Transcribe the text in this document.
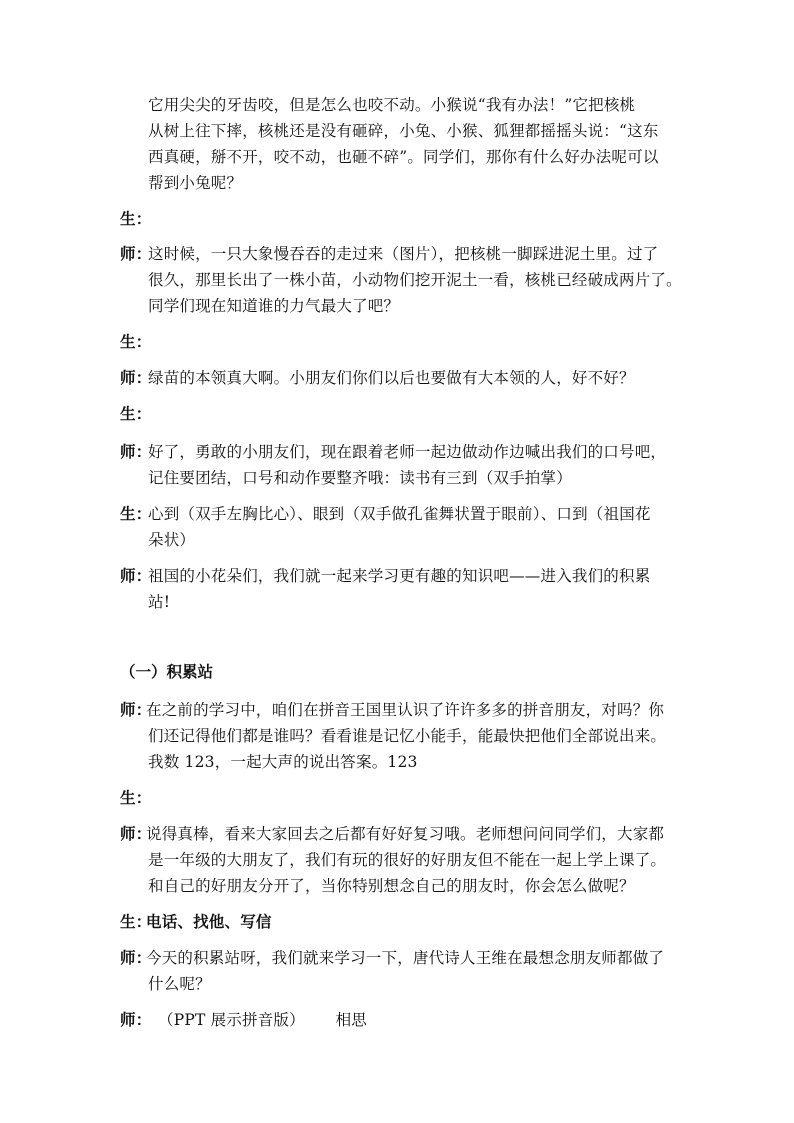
它用尖尖的牙齿咬，但是怎么也咬不动。小猴说“我有办法！”它把核桃
从树上往下摔，核桃还是没有砸碎，小兔、小猴、狐狸都摇摇头说：“这东
西真硬，掰不开，咬不动，也砸不碎”。同学们，那你有什么好办法呢可以
帮到小兔呢？
生：
师：
这时候，一只大象慢吞吞的走过来（图片），把核桃一脚踩进泥土里。过了
很久，那里长出了一株小苗，小动物们挖开泥土一看，核桃已经破成两片了。
同学们现在知道谁的力气最大了吧？
生：
师：
绿苗的本领真大啊。小朋友们你们以后也要做有大本领的人，好不好？
生：
师：
好了，勇敢的小朋友们，现在跟着老师一起边做动作边喊出我们的口号吧，
记住要团结，口号和动作要整齐哦：读书有三到（双手拍掌）
生：
心到（双手左胸比心）、眼到（双手做孔雀舞状置于眼前）、口到（祖国花
朵状）
师：
祖国的小花朵们，我们就一起来学习更有趣的知识吧——进入我们的积累
站!
（一）积累站
师：
在之前的学习中，咱们在拼音王国里认识了许许多多的拼音朋友，对吗？你
们还记得他们都是谁吗？看看谁是记忆小能手，能最快把他们全部说出来。
我数 123，一起大声的说出答案。123
生：
师：
说得真棒，看来大家回去之后都有好好复习哦。老师想问问同学们，大家都
是一年级的大朋友了，我们有玩的很好的好朋友但不能在一起上学上课了。
和自己的好朋友分开了，当你特别想念自己的朋友时，你会怎么做呢？
生：
电话、找他、写信
师：
今天的积累站呀，我们就来学习一下，唐代诗人王维在最想念朋友师都做了
什么呢？
师： （PPT 展示拼音版）      相思
